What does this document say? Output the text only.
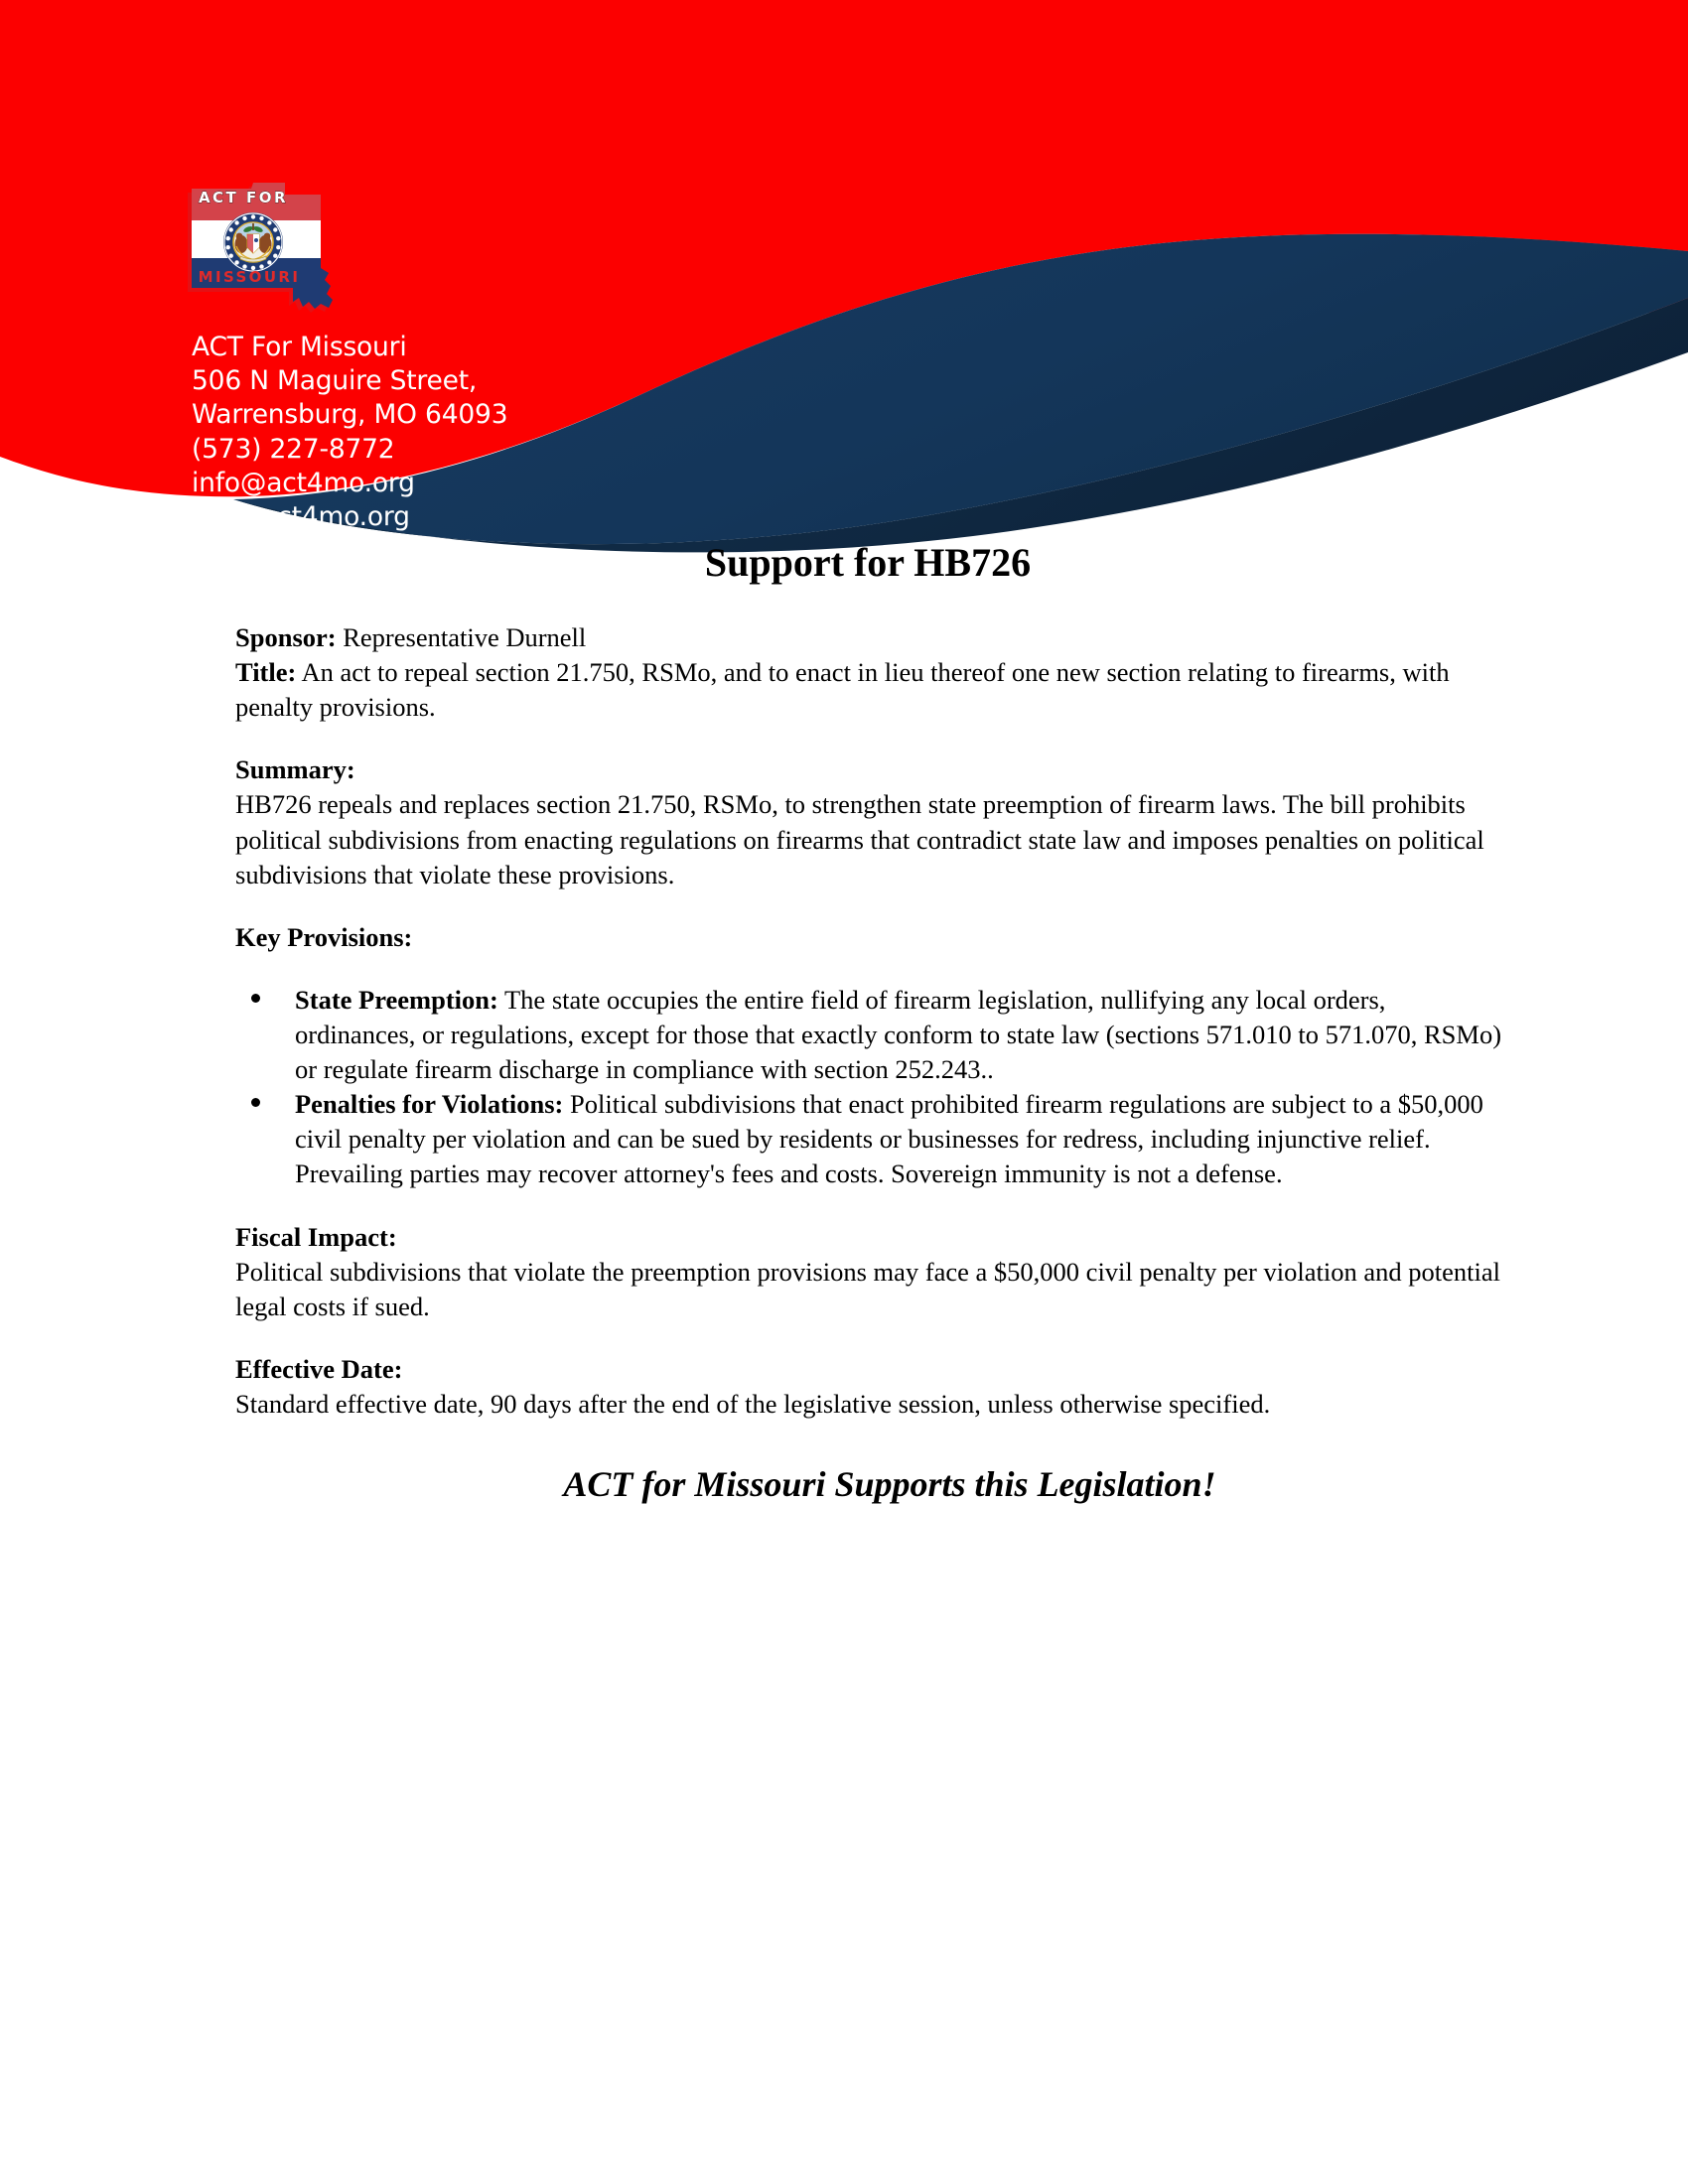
ACT FOR
MISSOURI
ACT For Missouri
506 N Maguire Street,
Warrensburg, MO 64093
(573) 227-8772
info@act4mo.org
www.act4mo.org
Support for HB726

Sponsor: Representative Durnell

Title: An act to repeal section 21.750, RSMo, and to enact in lieu thereof one new section relating to firearms, with penalty provisions.

Summary:

HB726 repeals and replaces section 21.750, RSMo, to strengthen state preemption of firearm laws. The bill prohibits political subdivisions from enacting regulations on firearms that contradict state law and imposes penalties on political subdivisions that violate these provisions.

Key Provisions:

State Preemption: The state occupies the entire field of firearm legislation, nullifying any local orders, ordinances, or regulations, except for those that exactly conform to state law (sections 571.010 to 571.070, RSMo) or regulate firearm discharge in compliance with section 252.243..
Penalties for Violations: Political subdivisions that enact prohibited firearm regulations are subject to a $50,000 civil penalty per violation and can be sued by residents or businesses for redress, including injunctive relief. Prevailing parties may recover attorney's fees and costs. Sovereign immunity is not a defense.

Fiscal Impact:

Political subdivisions that violate the preemption provisions may face a $50,000 civil penalty per violation and potential legal costs if sued.

Effective Date:

Standard effective date, 90 days after the end of the legislative session, unless otherwise specified.

ACT for Missouri Supports this Legislation!
